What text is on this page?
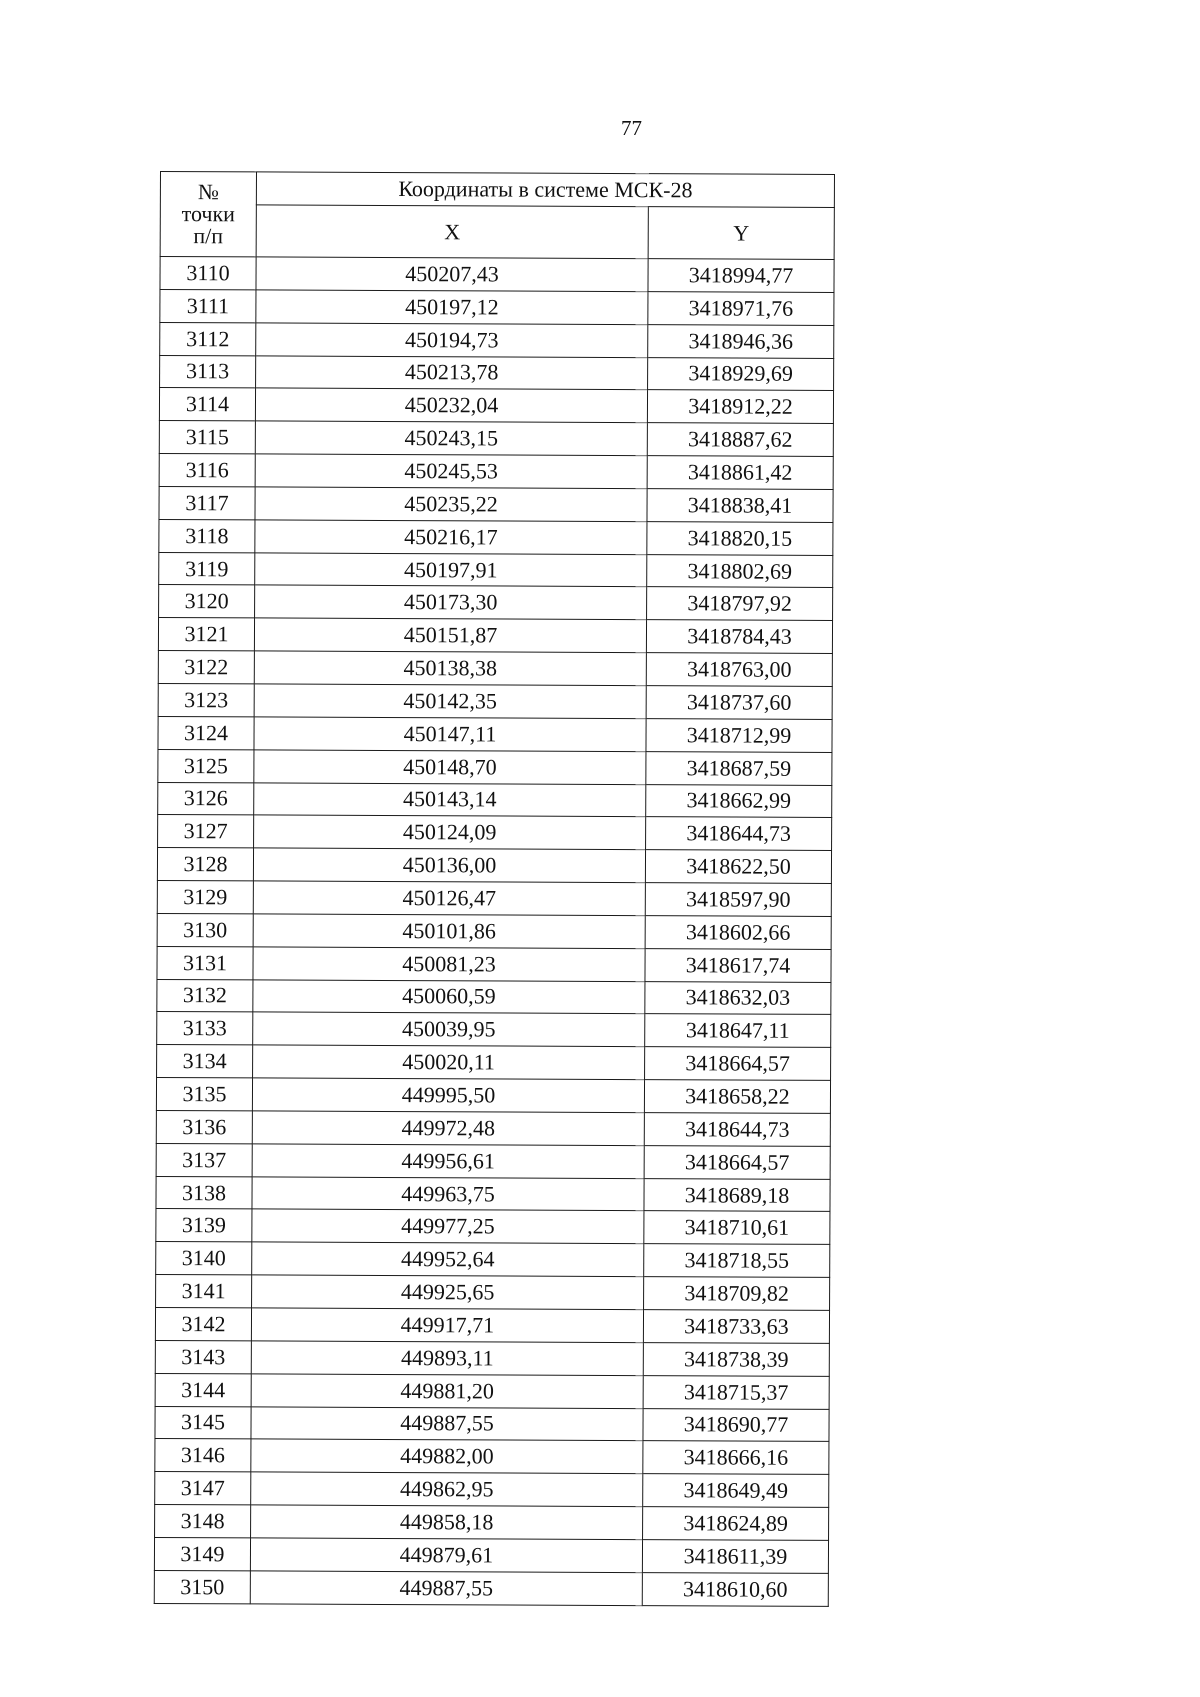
77
№
точки
п/п	Координаты в системе МСК-28	
	X	Y
3110	450207,43	3418994,77
3111	450197,12	3418971,76
3112	450194,73	3418946,36
3113	450213,78	3418929,69
3114	450232,04	3418912,22
3115	450243,15	3418887,62
3116	450245,53	3418861,42
3117	450235,22	3418838,41
3118	450216,17	3418820,15
3119	450197,91	3418802,69
3120	450173,30	3418797,92
3121	450151,87	3418784,43
3122	450138,38	3418763,00
3123	450142,35	3418737,60
3124	450147,11	3418712,99
3125	450148,70	3418687,59
3126	450143,14	3418662,99
3127	450124,09	3418644,73
3128	450136,00	3418622,50
3129	450126,47	3418597,90
3130	450101,86	3418602,66
3131	450081,23	3418617,74
3132	450060,59	3418632,03
3133	450039,95	3418647,11
3134	450020,11	3418664,57
3135	449995,50	3418658,22
3136	449972,48	3418644,73
3137	449956,61	3418664,57
3138	449963,75	3418689,18
3139	449977,25	3418710,61
3140	449952,64	3418718,55
3141	449925,65	3418709,82
3142	449917,71	3418733,63
3143	449893,11	3418738,39
3144	449881,20	3418715,37
3145	449887,55	3418690,77
3146	449882,00	3418666,16
3147	449862,95	3418649,49
3148	449858,18	3418624,89
3149	449879,61	3418611,39
3150	449887,55	3418610,60
